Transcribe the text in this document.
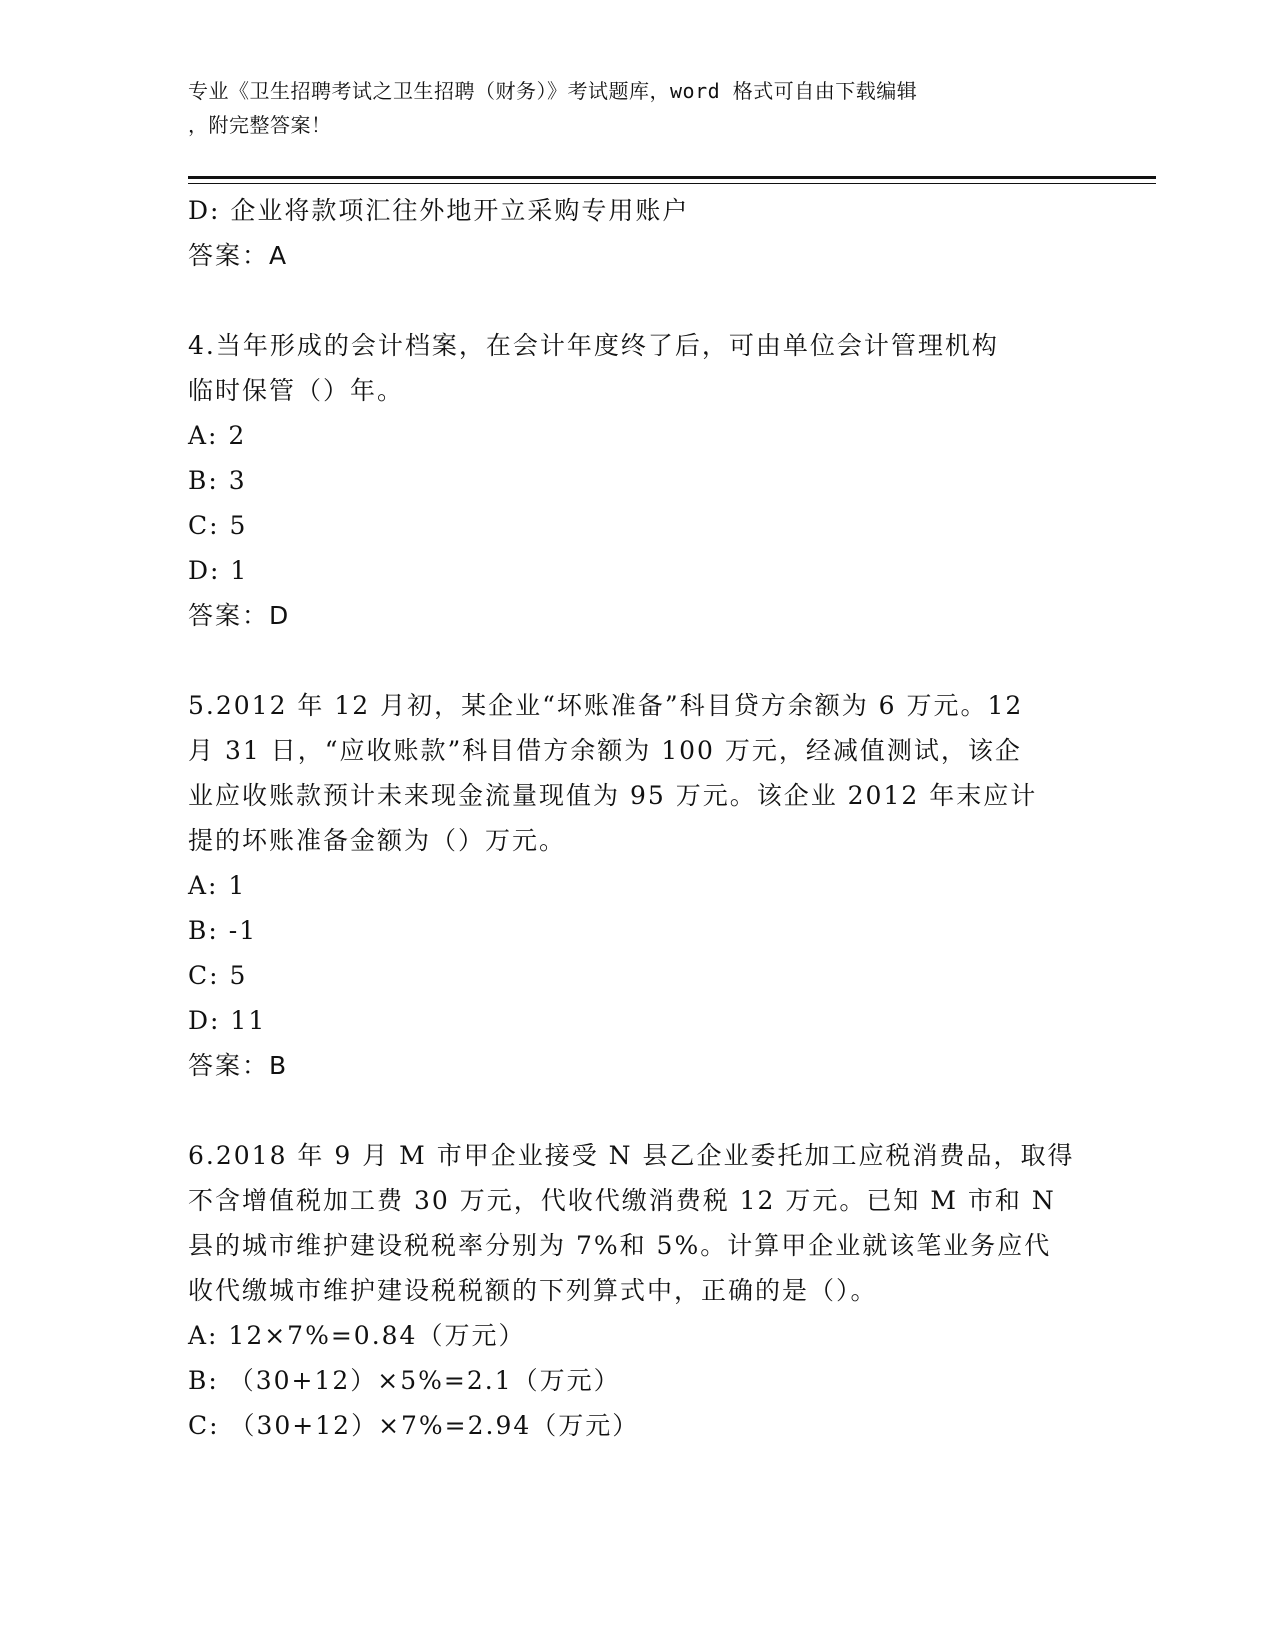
专业《卫生招聘考试之卫生招聘（财务）》考试题库，word 格式可自由下载编辑
，附完整答案！
D: 企业将款项汇往外地开立采购专用账户
答案：A
4.当年形成的会计档案，在会计年度终了后，可由单位会计管理机构
临时保管（）年。
A: 2
B: 3
C: 5
D: 1
答案：D
5.2012 年 12 月初，某企业“坏账准备”科目贷方余额为 6 万元。12
月 31 日，“应收账款”科目借方余额为 100 万元，经减值测试，该企
业应收账款预计未来现金流量现值为 95 万元。该企业 2012 年末应计
提的坏账准备金额为（）万元。
A: 1
B: -1
C: 5
D: 11
答案：B
6.2018 年 9 月 M 市甲企业接受 N 县乙企业委托加工应税消费品，取得
不含增值税加工费 30 万元，代收代缴消费税 12 万元。已知 M 市和 N
县的城市维护建设税税率分别为 7%和 5%。计算甲企业就该笔业务应代
收代缴城市维护建设税税额的下列算式中，正确的是（）。
A: 12×7%=0.84（万元）
B: （30+12）×5%=2.1（万元）
C: （30+12）×7%=2.94（万元）
